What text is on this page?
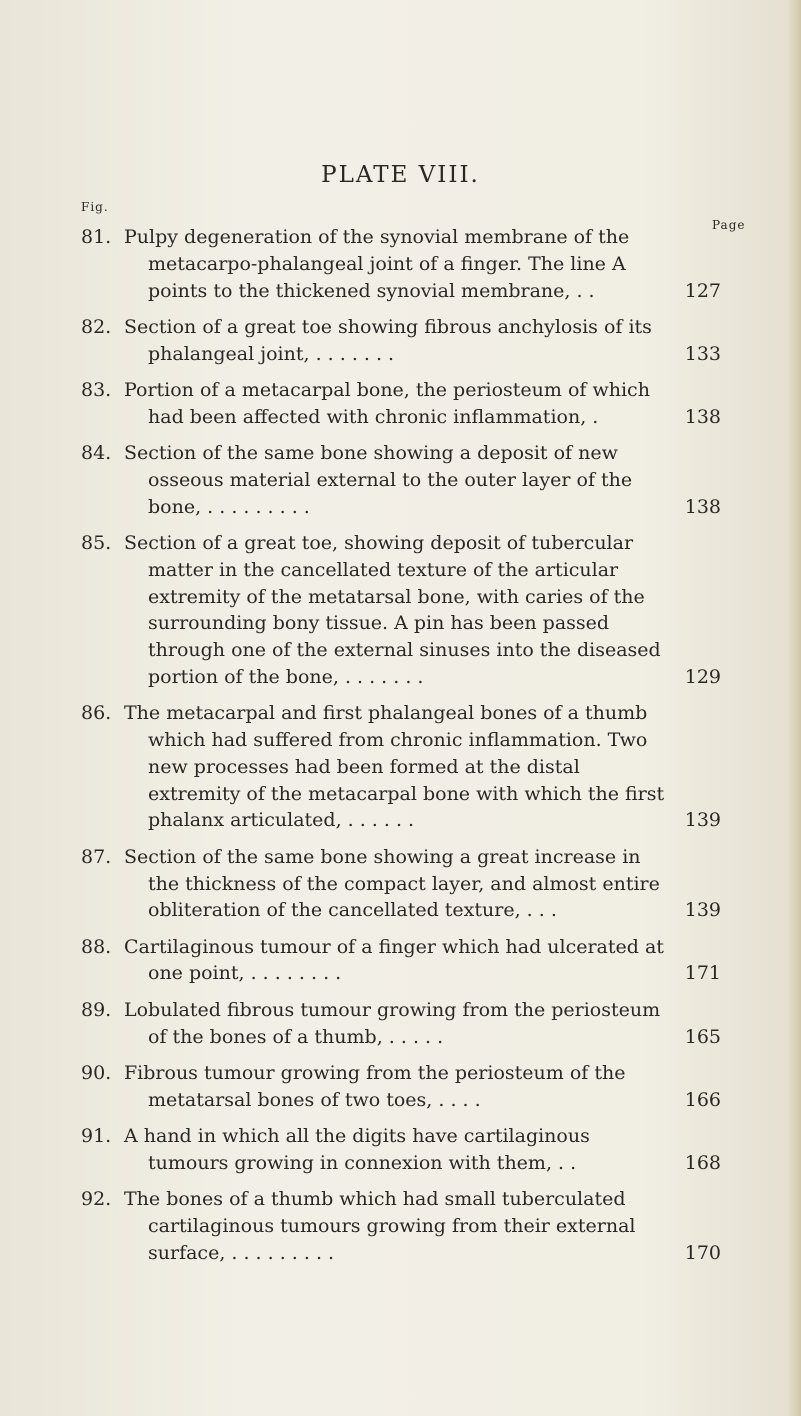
PLATE VIII.
Fig.
Page
81. Pulpy degeneration of the synovial membrane of the metacarpo-phalangeal joint of a finger. The line A points to the thickened synovial membrane, . .	127
82. Section of a great toe showing fibrous anchylosis of its phalangeal joint, . . . . . . .	133
83. Portion of a metacarpal bone, the periosteum of which had been affected with chronic inflammation, .	138
84. Section of the same bone showing a deposit of new osseous material external to the outer layer of the bone, . . . . . . . . .	138
85. Section of a great toe, showing deposit of tubercular matter in the cancellated texture of the articular extremity of the metatarsal bone, with caries of the surrounding bony tissue. A pin has been passed through one of the external sinuses into the diseased portion of the bone, . . . . . . .	129
86. The metacarpal and first phalangeal bones of a thumb which had suffered from chronic inflammation. Two new processes had been formed at the distal extremity of the metacarpal bone with which the first phalanx articulated, . . . . . .	139
87. Section of the same bone showing a great increase in the thickness of the compact layer, and almost entire obliteration of the cancellated texture, . . .	139
88. Cartilaginous tumour of a finger which had ulcerated at one point, . . . . . . . .	171
89. Lobulated fibrous tumour growing from the periosteum of the bones of a thumb, . . . . .	165
90. Fibrous tumour growing from the periosteum of the metatarsal bones of two toes, . . . .	166
91. A hand in which all the digits have cartilaginous tumours growing in connexion with them, . .	168
92. The bones of a thumb which had small tuberculated cartilaginous tumours growing from their external surface, . . . . . . . . .	170
